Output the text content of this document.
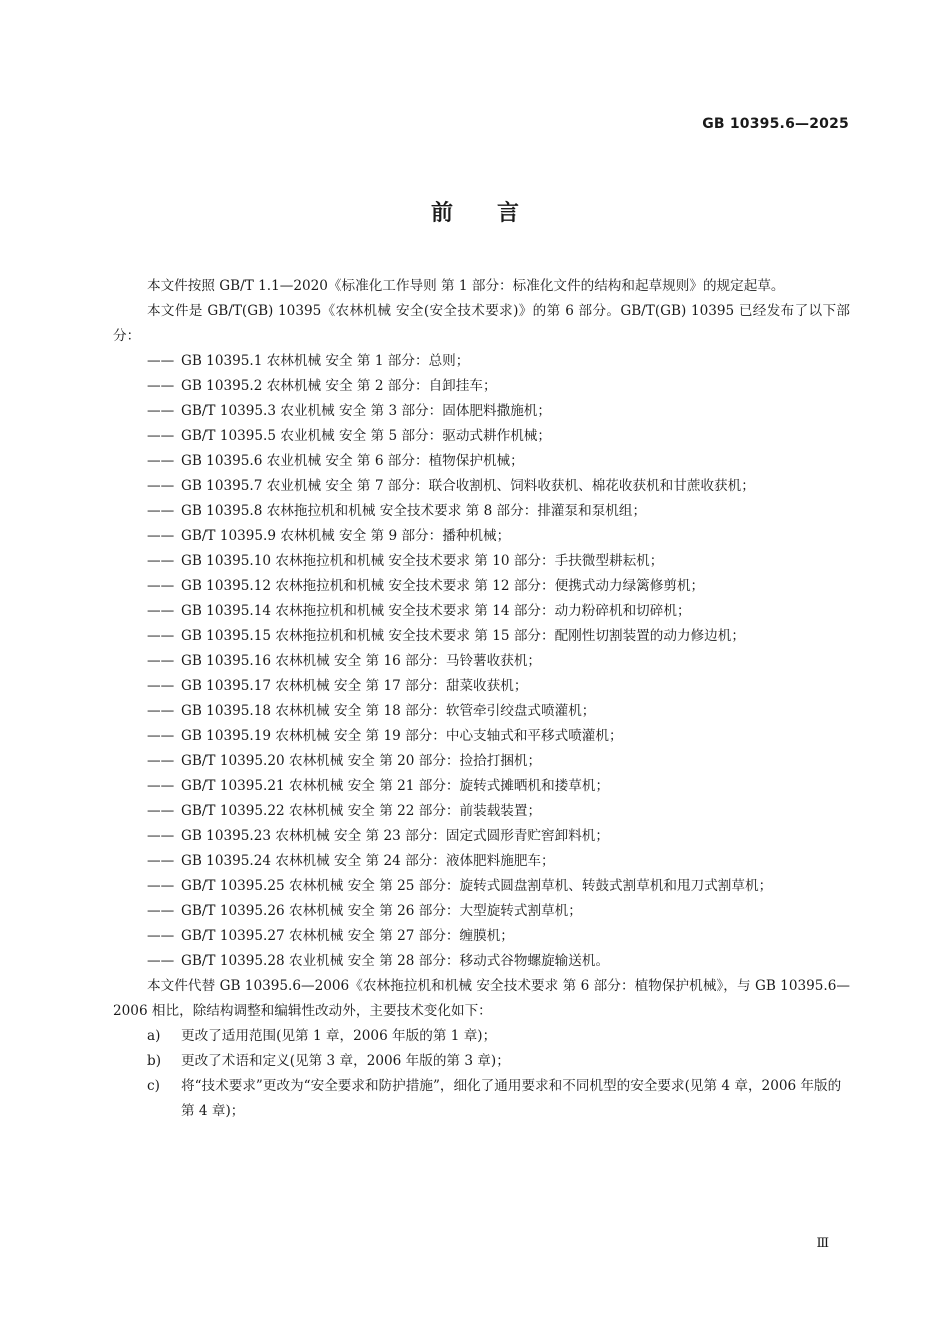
GB 10395.6—2025
前言
本文件按照 GB/T 1.1—2020《标准化工作导则 第 1 部分：标准化文件的结构和起草规则》的规定起草。
本文件是 GB/T(GB) 10395《农林机械 安全(安全技术要求)》的第 6 部分。GB/T(GB) 10395 已经发布了以下部分：
—— GB 10395.1 农林机械 安全 第 1 部分：总则；
—— GB 10395.2 农林机械 安全 第 2 部分：自卸挂车；
—— GB/T 10395.3 农业机械 安全 第 3 部分：固体肥料撒施机；
—— GB/T 10395.5 农业机械 安全 第 5 部分：驱动式耕作机械；
—— GB 10395.6 农业机械 安全 第 6 部分：植物保护机械；
—— GB 10395.7 农业机械 安全 第 7 部分：联合收割机、饲料收获机、棉花收获机和甘蔗收获机；
—— GB 10395.8 农林拖拉机和机械 安全技术要求 第 8 部分：排灌泵和泵机组；
—— GB/T 10395.9 农林机械 安全 第 9 部分：播种机械；
—— GB 10395.10 农林拖拉机和机械 安全技术要求 第 10 部分：手扶微型耕耘机；
—— GB 10395.12 农林拖拉机和机械 安全技术要求 第 12 部分：便携式动力绿篱修剪机；
—— GB 10395.14 农林拖拉机和机械 安全技术要求 第 14 部分：动力粉碎机和切碎机；
—— GB 10395.15 农林拖拉机和机械 安全技术要求 第 15 部分：配刚性切割装置的动力修边机；
—— GB 10395.16 农林机械 安全 第 16 部分：马铃薯收获机；
—— GB 10395.17 农林机械 安全 第 17 部分：甜菜收获机；
—— GB 10395.18 农林机械 安全 第 18 部分：软管牵引绞盘式喷灌机；
—— GB 10395.19 农林机械 安全 第 19 部分：中心支轴式和平移式喷灌机；
—— GB/T 10395.20 农林机械 安全 第 20 部分：捡拾打捆机；
—— GB/T 10395.21 农林机械 安全 第 21 部分：旋转式摊晒机和搂草机；
—— GB/T 10395.22 农林机械 安全 第 22 部分：前装载装置；
—— GB 10395.23 农林机械 安全 第 23 部分：固定式圆形青贮窖卸料机；
—— GB 10395.24 农林机械 安全 第 24 部分：液体肥料施肥车；
—— GB/T 10395.25 农林机械 安全 第 25 部分：旋转式圆盘割草机、转鼓式割草机和甩刀式割草机；
—— GB/T 10395.26 农林机械 安全 第 26 部分：大型旋转式割草机；
—— GB/T 10395.27 农林机械 安全 第 27 部分：缠膜机；
—— GB/T 10395.28 农业机械 安全 第 28 部分：移动式谷物螺旋输送机。
本文件代替 GB 10395.6—2006《农林拖拉机和机械 安全技术要求 第 6 部分：植物保护机械》，与 GB 10395.6—2006 相比，除结构调整和编辑性改动外，主要技术变化如下：
a) 更改了适用范围(见第 1 章，2006 年版的第 1 章)；
b) 更改了术语和定义(见第 3 章，2006 年版的第 3 章)；
c) 将“技术要求”更改为“安全要求和防护措施”，细化了通用要求和不同机型的安全要求(见第 4 章，2006 年版的第 4 章)；
Ⅲ
